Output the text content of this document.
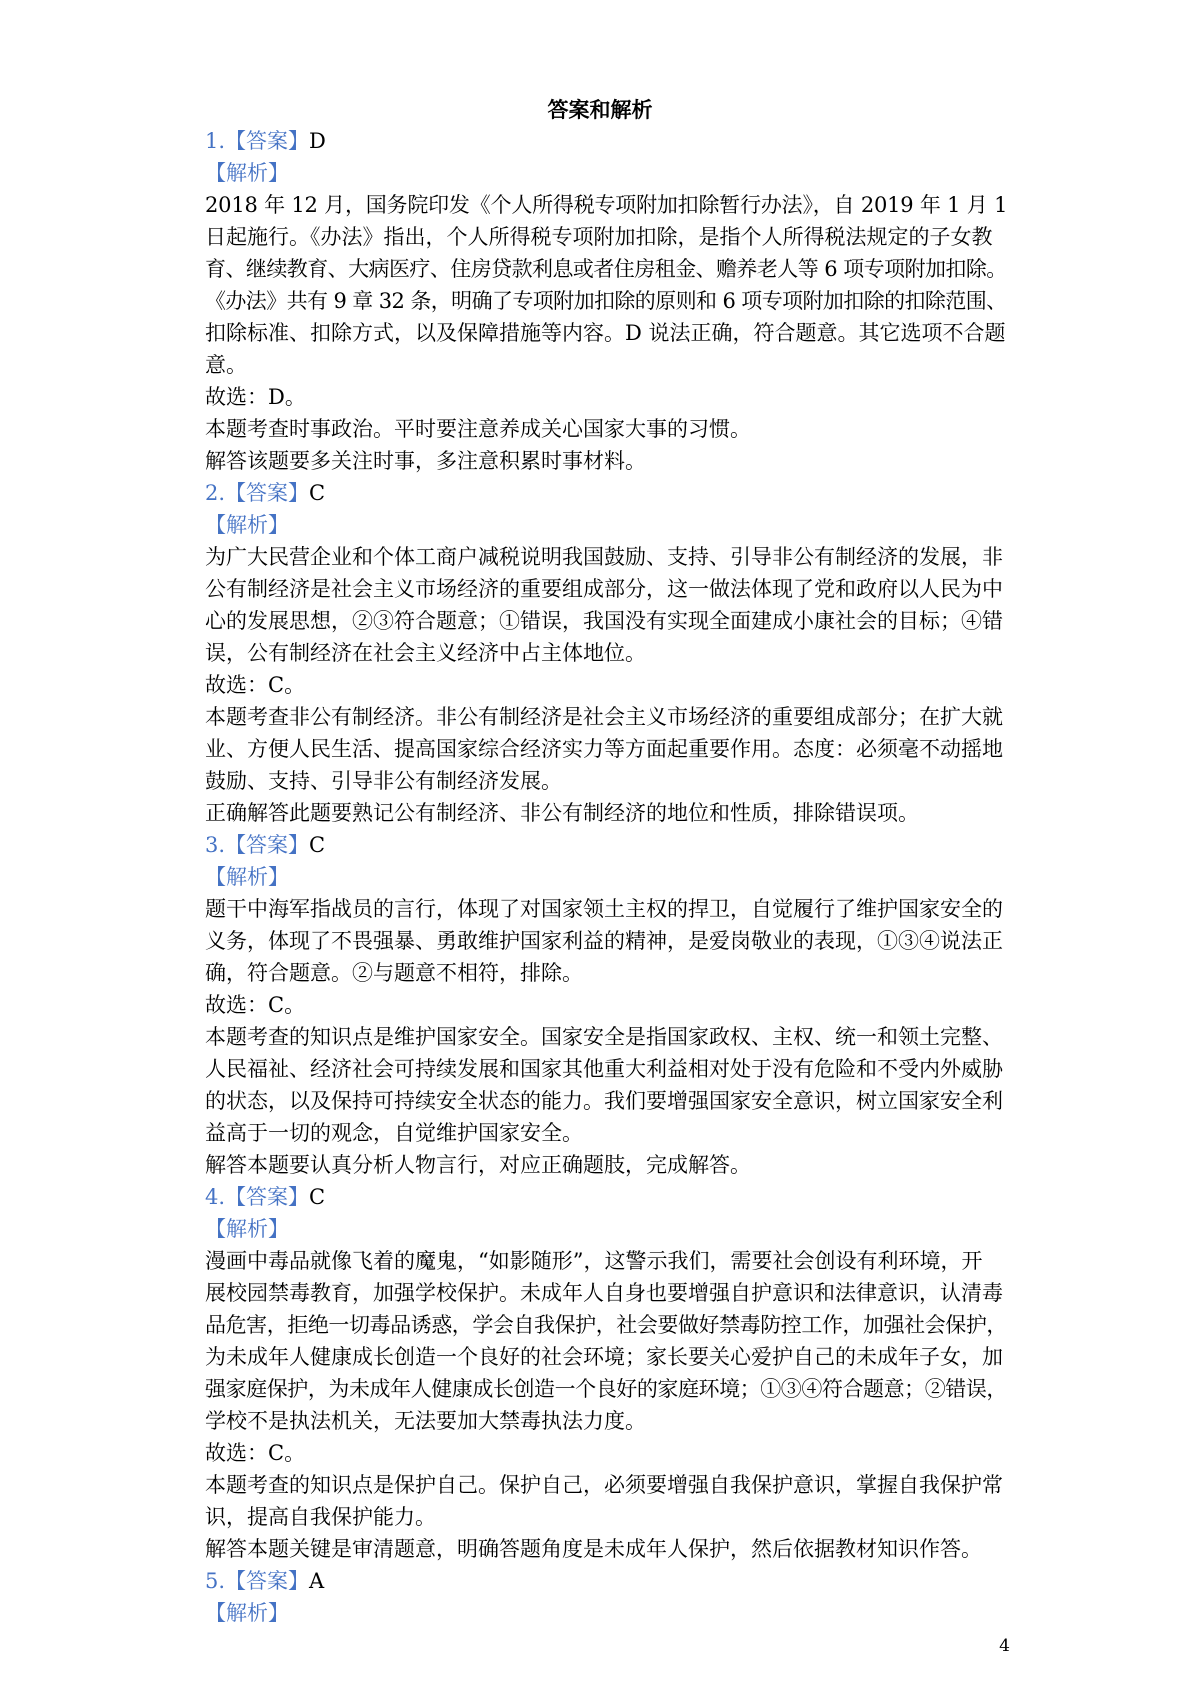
答案和解析
1.【答案】D
【解析】
2018 年 12 月，国务院印发《个人所得税专项附加扣除暂行办法》，自 2019 年 1 月 1
日起施行。《办法》指出，个人所得税专项附加扣除，是指个人所得税法规定的子女教
育、继续教育、大病医疗、住房贷款利息或者住房租金、赡养老人等 6 项专项附加扣除。
《办法》共有 9 章 32 条，明确了专项附加扣除的原则和 6 项专项附加扣除的扣除范围、
扣除标准、扣除方式，以及保障措施等内容。D 说法正确，符合题意。其它选项不合题
意。
故选：D。
本题考查时事政治。平时要注意养成关心国家大事的习惯。
解答该题要多关注时事，多注意积累时事材料。
2.【答案】C
【解析】
为广大民营企业和个体工商户减税说明我国鼓励、支持、引导非公有制经济的发展，非
公有制经济是社会主义市场经济的重要组成部分，这一做法体现了党和政府以人民为中
心的发展思想，②③符合题意；①错误，我国没有实现全面建成小康社会的目标；④错
误，公有制经济在社会主义经济中占主体地位。
故选：C。
本题考查非公有制经济。非公有制经济是社会主义市场经济的重要组成部分；在扩大就
业、方便人民生活、提高国家综合经济实力等方面起重要作用。态度：必须毫不动摇地
鼓励、支持、引导非公有制经济发展。
正确解答此题要熟记公有制经济、非公有制经济的地位和性质，排除错误项。
3.【答案】C
【解析】
题干中海军指战员的言行，体现了对国家领土主权的捍卫，自觉履行了维护国家安全的
义务，体现了不畏强暴、勇敢维护国家利益的精神，是爱岗敬业的表现，①③④说法正
确，符合题意。②与题意不相符，排除。
故选：C。
本题考查的知识点是维护国家安全。国家安全是指国家政权、主权、统一和领土完整、
人民福祉、经济社会可持续发展和国家其他重大利益相对处于没有危险和不受内外威胁
的状态，以及保持可持续安全状态的能力。我们要增强国家安全意识，树立国家安全利
益高于一切的观念，自觉维护国家安全。
解答本题要认真分析人物言行，对应正确题肢，完成解答。
4.【答案】C
【解析】
漫画中毒品就像飞着的魔鬼，“如影随形”，这警示我们，需要社会创设有利环境，开
展校园禁毒教育，加强学校保护。未成年人自身也要增强自护意识和法律意识，认清毒
品危害，拒绝一切毒品诱惑，学会自我保护，社会要做好禁毒防控工作，加强社会保护，
为未成年人健康成长创造一个良好的社会环境；家长要关心爱护自己的未成年子女，加
强家庭保护，为未成年人健康成长创造一个良好的家庭环境；①③④符合题意；②错误，
学校不是执法机关，无法要加大禁毒执法力度。
故选：C。
本题考查的知识点是保护自己。保护自己，必须要增强自我保护意识，掌握自我保护常
识，提高自我保护能力。
解答本题关键是审清题意，明确答题角度是未成年人保护，然后依据教材知识作答。
5.【答案】A
【解析】
4
